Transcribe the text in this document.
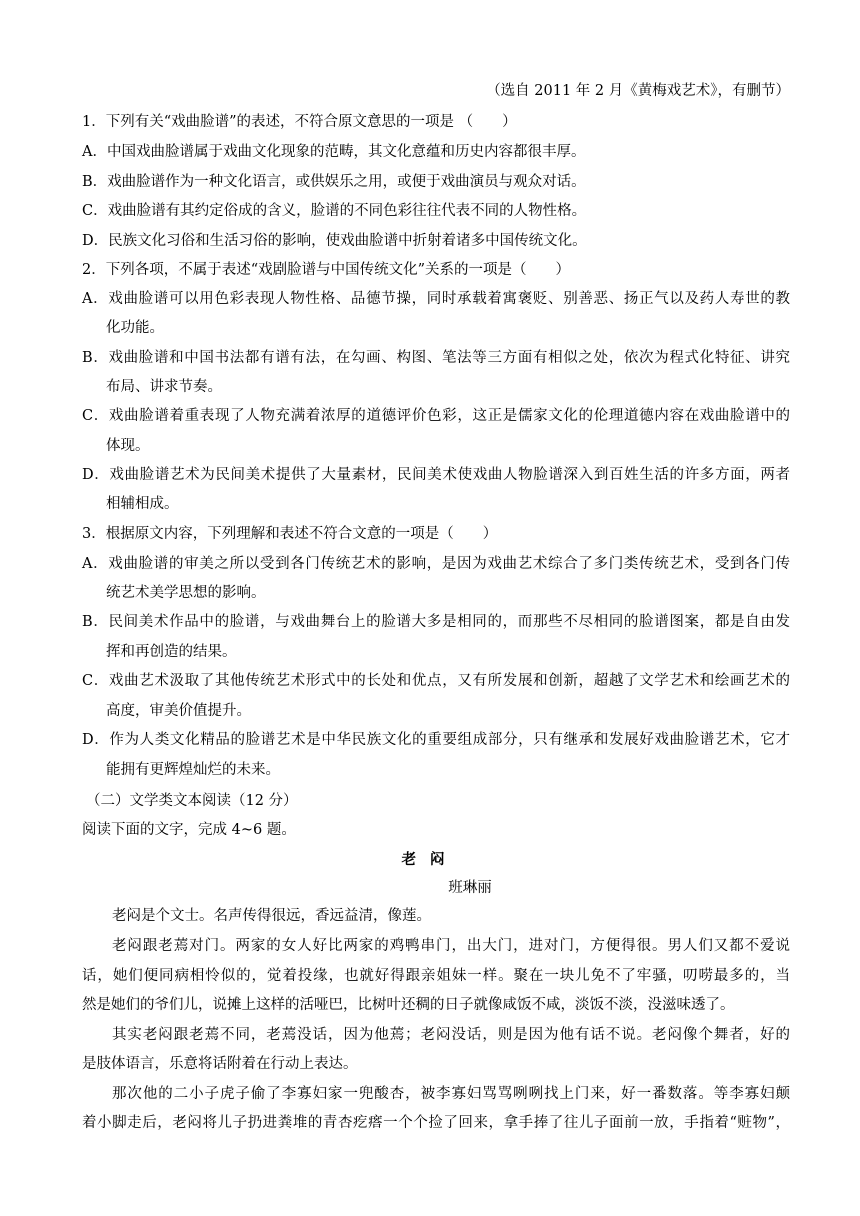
（选自 2011 年 2 月《黄梅戏艺术》，有删节）
1．下列有关“戏曲脸谱”的表述，不符合原文意思的一项是 （　　）
A．中国戏曲脸谱属于戏曲文化现象的范畴，其文化意蕴和历史内容都很丰厚。
B．戏曲脸谱作为一种文化语言，或供娱乐之用，或便于戏曲演员与观众对话。
C．戏曲脸谱有其约定俗成的含义，脸谱的不同色彩往往代表不同的人物性格。
D．民族文化习俗和生活习俗的影响，使戏曲脸谱中折射着诸多中国传统文化。
2．下列各项，不属于表述“戏剧脸谱与中国传统文化”关系的一项是（　　）
A．戏曲脸谱可以用色彩表现人物性格、品德节操，同时承载着寓褒贬、别善恶、扬正气以及药人寿世的教
化功能。
B．戏曲脸谱和中国书法都有谱有法，在勾画、构图、笔法等三方面有相似之处，依次为程式化特征、讲究
布局、讲求节奏。
C．戏曲脸谱着重表现了人物充满着浓厚的道德评价色彩，这正是儒家文化的伦理道德内容在戏曲脸谱中的
体现。
D．戏曲脸谱艺术为民间美术提供了大量素材，民间美术使戏曲人物脸谱深入到百姓生活的许多方面，两者
相辅相成。
3．根据原文内容，下列理解和表述不符合文意的一项是（　　）
A．戏曲脸谱的审美之所以受到各门传统艺术的影响，是因为戏曲艺术综合了多门类传统艺术，受到各门传
统艺术美学思想的影响。
B．民间美术作品中的脸谱，与戏曲舞台上的脸谱大多是相同的，而那些不尽相同的脸谱图案，都是自由发
挥和再创造的结果。
C．戏曲艺术汲取了其他传统艺术形式中的长处和优点，又有所发展和创新，超越了文学艺术和绘画艺术的
高度，审美价值提升。
D．作为人类文化精品的脸谱艺术是中华民族文化的重要组成部分，只有继承和发展好戏曲脸谱艺术，它才
能拥有更辉煌灿烂的未来。
（二）文学类文本阅读（12 分）
阅读下面的文字，完成 4~6 题。
老闷
班琳丽
老闷是个文士。名声传得很远，香远益清，像莲。
老闷跟老蔫对门。两家的女人好比两家的鸡鸭串门，出大门，进对门，方便得很。男人们又都不爱说
话，她们便同病相怜似的，觉着投缘，也就好得跟亲姐妹一样。聚在一块儿免不了牢骚，叨唠最多的，当
然是她们的爷们儿，说摊上这样的活哑巴，比树叶还稠的日子就像咸饭不咸，淡饭不淡，没滋味透了。
其实老闷跟老蔫不同，老蔫没话，因为他蔫；老闷没话，则是因为他有话不说。老闷像个舞者，好的
是肢体语言，乐意将话附着在行动上表达。
那次他的二小子虎子偷了李寡妇家一兜酸杏，被李寡妇骂骂咧咧找上门来，好一番数落。等李寡妇颠
着小脚走后，老闷将儿子扔进粪堆的青杏疙瘩一个个捡了回来，拿手捧了往儿子面前一放，手指着“赃物”，
